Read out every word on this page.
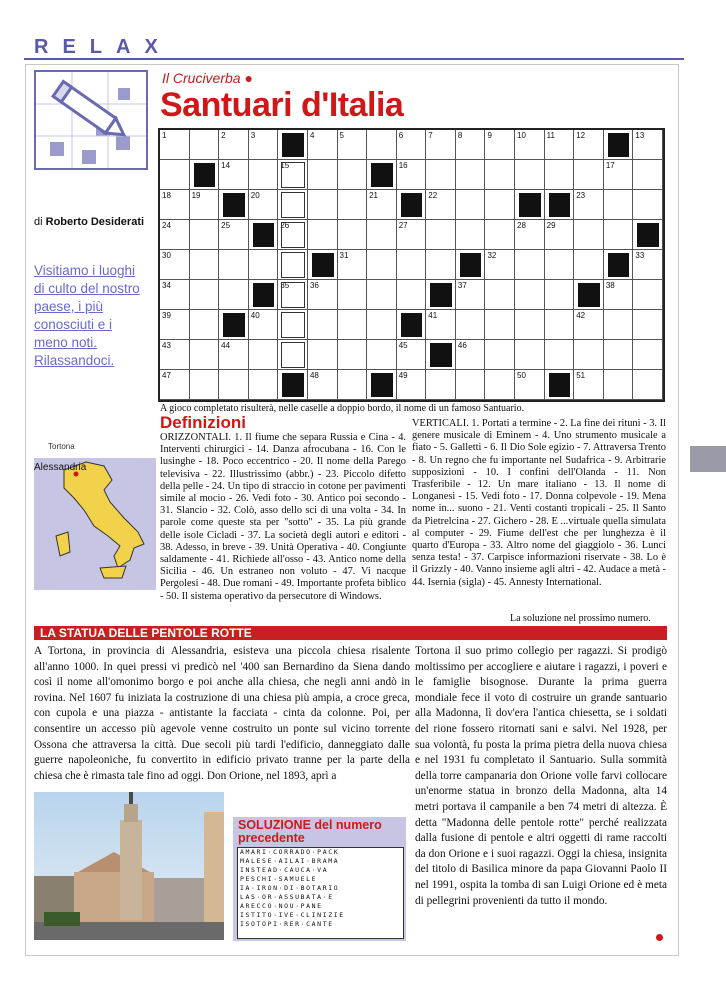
RELAX
Il Cruciverba ●
Santuari d'Italia
di Roberto Desiderati
Visitiamo i luoghi di culto del nostro paese, i più conosciuti e i meno noti. Rilassandoci.
Tortona
Alessandria
1	2	3	4	5	6	7	8	9	10	11	12	13
14	15	16	17
18	19	20	21	22	23
24	25	26	27	28	29
30	31	32	33
34	35	36	37	38
39	40	41	42
43	44	45	46
47	48	49	50	51
A gioco completato risulterà, nelle caselle a doppio bordo, il nome di un famoso Santuario.
Definizioni
ORIZZONTALI. 1. Il fiume che separa Russia e Cina - 4. Interventi chirurgici - 14. Danza afrocubana - 16. Con le lusinghe - 18. Poco eccentrico - 20. Il nome della Parego televisiva - 22. Illustrissimo (abbr.) - 23. Piccolo difetto della pelle - 24. Un tipo di straccio in cotone per pavimenti simile al mocio - 26. Vedi foto - 30. Antico poi secondo - 31. Slancio - 32. Colò, asso dello sci di una volta - 34. In parole come queste sta per "sotto" - 35. La più grande delle isole Cicladi - 37. La società degli autori e editori - 38. Adesso, in breve - 39. Unità Operativa - 40. Congiunte saldamente - 41. Richiede all'osso - 43. Antico nome della Sicilia - 46. Un estraneo non voluto - 47. Vi nacque Pergolesi - 48. Due romani - 49. Importante profeta biblico - 50. Il sistema operativo da persecutore di Windows.
VERTICALI. 1. Portati a termine - 2. La fine dei rituni - 3. Il genere musicale di Eminem - 4. Uno strumento musicale a fiato - 5. Galletti - 6. Il Dio Sole egizio - 7. Attraversa Trento - 8. Un regno che fu importante nel Sudafrica - 9. Arbitrarie supposizioni - 10. I confini dell'Olanda - 11. Non Trasferibile - 12. Un mare italiano - 13. Il nome di Longanesi - 15. Vedi foto - 17. Donna colpevole - 19. Mena nome in... suono - 21. Venti costanti tropicali - 25. Il Santo da Pietrelcina - 27. Gichero - 28. E ...virtuale quella simulata al computer - 29. Fiume dell'est che per lunghezza è il quarto d'Europa - 33. Altro nome del giaggiolo - 36. Lunci senza testa! - 37. Carpisce informazioni riservate - 38. Lo è il Grizzly - 40. Vanno insieme agli altri - 42. Audace a metà - 44. Isernia (sigla) - 45. Annesty International.
La soluzione nel prossimo numero.
LA STATUA DELLE PENTOLE ROTTE
A Tortona, in provincia di Alessandria, esisteva una piccola chiesa risalente all'anno 1000. In quei pressi vi predicò nel '400 san Bernardino da Siena dando così il nome all'omonimo borgo e poi anche alla chiesa, che negli anni andò in rovina. Nel 1607 fu iniziata la costruzione di una chiesa più ampia, a croce greca, con cupola e una piazza - antistante la facciata - cinta da colonne. Poi, per consentire un accesso più agevole venne costruito un ponte sul vicino torrente Ossona che attraversa la città. Due secoli più tardi l'edificio, danneggiato dalle guerre napoleoniche, fu convertito in edificio privato tranne per la parte della chiesa che è rimasta tale fino ad oggi. Don Orione, nel 1893, aprì a
SOLUZIONE del numero precedente
AMARI·CORRADO·PACK
MALESE·AILAI·BRAMA
INSTEAD·CAUCA·VA
PESCHI·SAMUELE
IA·IRON·DI·BOTARIO
LAS·OR·ASSUBATA·E
ARECCO·NOU·PANE
ISTITO·IVE·CLINIZIE
ISOTOPI·RER·CANTE
Tortona il suo primo collegio per ragazzi. Si prodigò moltissimo per accogliere e aiutare i ragazzi, i poveri e le famiglie bisognose. Durante la prima guerra mondiale fece il voto di costruire un grande santuario alla Madonna, lì dov'era l'antica chiesetta, se i soldati del rione fossero ritornati sani e salvi. Nel 1928, per sua volontà, fu posta la prima pietra della nuova chiesa e nel 1931 fu completato il Santuario. Sulla sommità della torre campanaria don Orione volle farvi collocare un'enorme statua in bronzo della Madonna, alta 14 metri portava il campanile a ben 74 metri di altezza. È detta "Madonna delle pentole rotte" perché realizzata dalla fusione di pentole e altri oggetti di rame raccolti da don Orione e i suoi ragazzi. Oggi la chiesa, insignita del titolo di Basilica minore da papa Giovanni Paolo II nel 1991, ospita la tomba di san Luigi Orione ed è meta di pellegrini provenienti da tutto il mondo.
